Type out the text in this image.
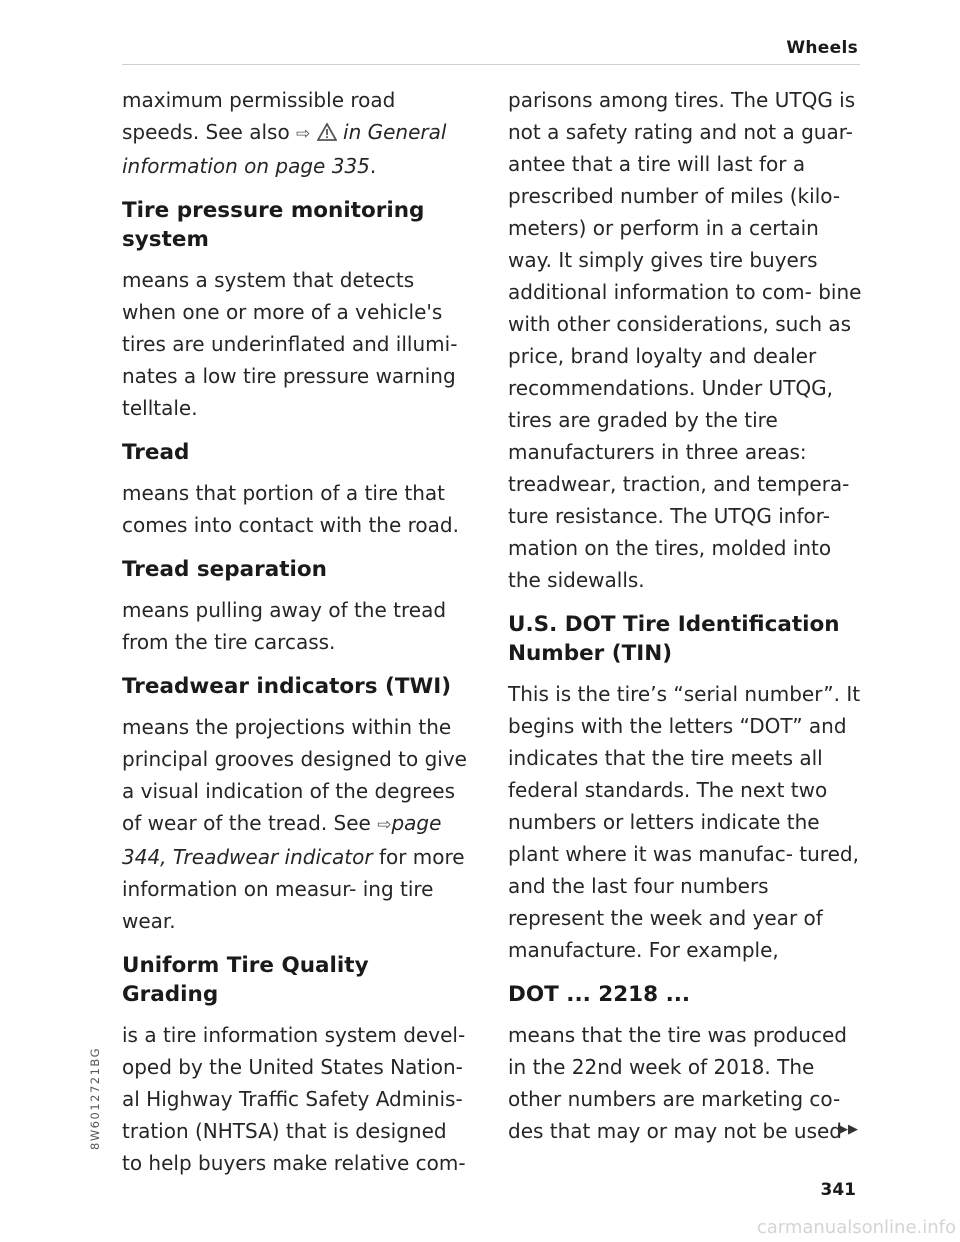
Wheels

maximum permissible road

speeds. See also ⇨ in General

information on page 335.

Tire pressure monitoring system

means a system that detects when one or more of a vehicle's tires are underinflated and illumi- nates a low tire pressure warning telltale.

Tread

means that portion of a tire that comes into contact with the road.

Tread separation

means pulling away of the tread from the tire carcass.

Treadwear indicators (TWI)

means the projections within the principal grooves designed to give a visual indication of the degrees of wear of the tread. See ⇨page 344, Treadwear indicator for more information on measur- ing tire wear.

Uniform Tire Quality Grading

is a tire information system devel- oped by the United States Nation- al Highway Traffic Safety Adminis- tration (NHTSA) that is designed to help buyers make relative com-

parisons among tires. The UTQG is not a safety rating and not a guar- antee that a tire will last for a prescribed number of miles (kilo- meters) or perform in a certain way. It simply gives tire buyers additional information to com- bine with other considerations, such as price, brand loyalty and dealer recommendations. Under UTQG, tires are graded by the tire manufacturers in three areas: treadwear, traction, and tempera- ture resistance. The UTQG infor- mation on the tires, molded into the sidewalls.

U.S. DOT Tire Identification Number (TIN)

This is the tire’s “serial number”. It begins with the letters “DOT” and indicates that the tire meets all federal standards. The next two numbers or letters indicate the plant where it was manufac- tured, and the last four numbers represent the week and year of manufacture. For example,

DOT ... 2218 ...

means that the tire was produced in the 22nd week of 2018. The other numbers are marketing co- des that may or may not be used

▶▶
8W6012721BG
341
carmanualsonline.info
